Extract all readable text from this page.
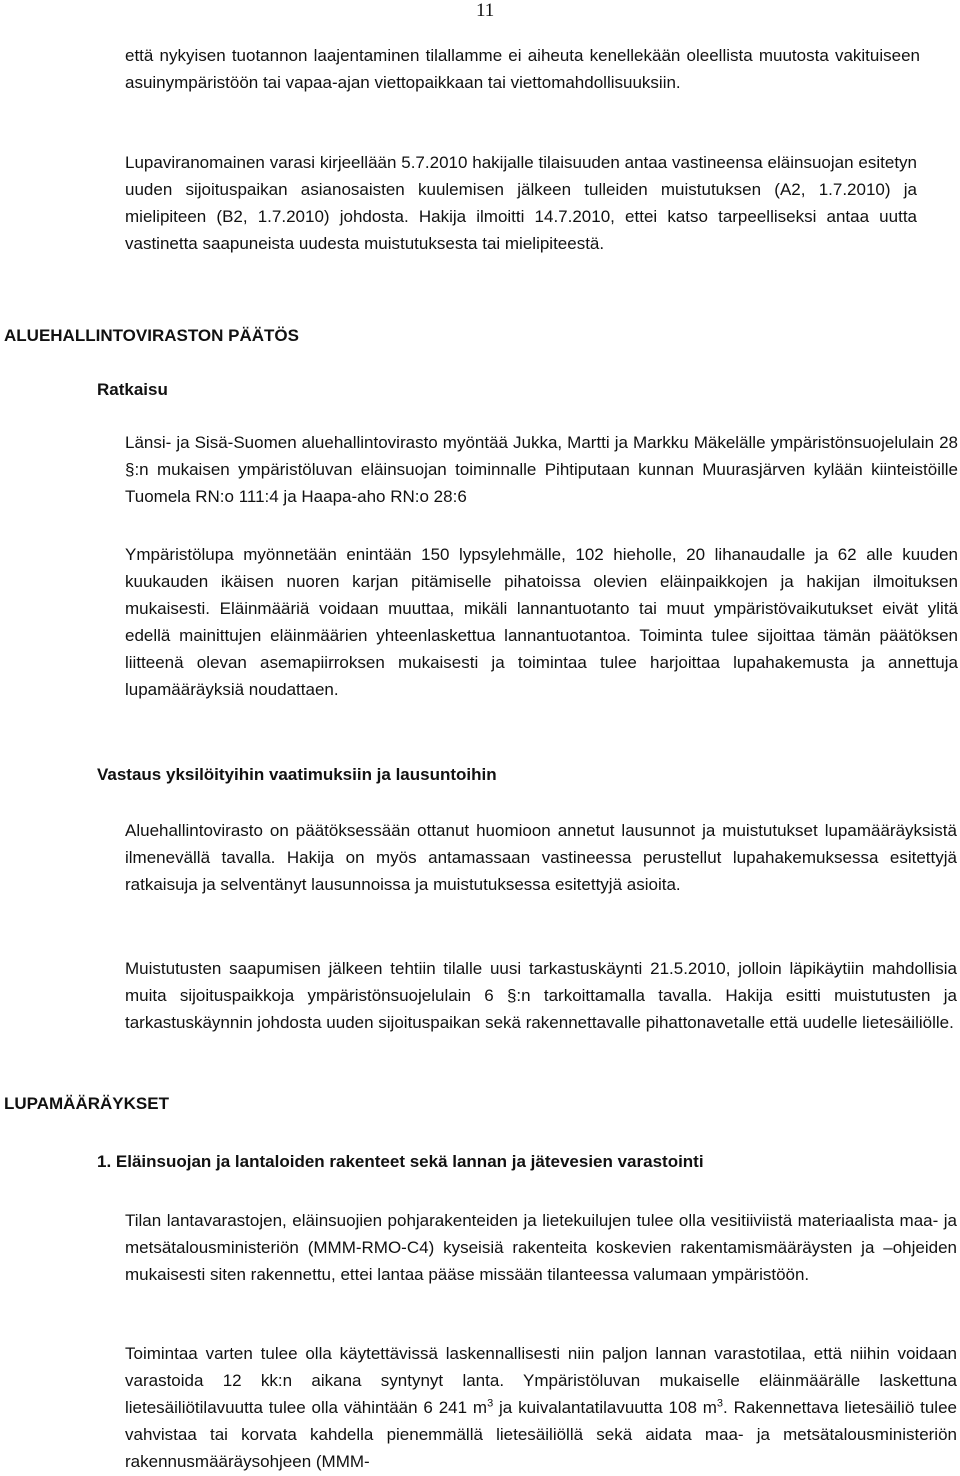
11

että nykyisen tuotannon laajentaminen tilallamme ei aiheuta kenellekään oleellista muutosta vakituiseen asuinympäristöön tai vapaa-ajan viettopaikkaan tai viettomahdollisuuksiin.

Lupaviranomainen varasi kirjeellään 5.7.2010 hakijalle tilaisuuden antaa vastineensa eläinsuojan esitetyn uuden sijoituspaikan asianosaisten kuulemisen jälkeen tulleiden muistutuksen (A2, 1.7.2010) ja mielipiteen (B2, 1.7.2010) johdosta. Hakija ilmoitti 14.7.2010, ettei katso tarpeelliseksi antaa uutta vastinetta saapuneista uudesta muistutuksesta tai mielipiteestä.

ALUEHALLINTOVIRASTON PÄÄTÖS
Ratkaisu

Länsi- ja Sisä-Suomen aluehallintovirasto myöntää Jukka, Martti ja Markku Mäkelälle ympäristönsuojelulain 28 §:n mukaisen ympäristöluvan eläinsuojan toiminnalle Pihtiputaan kunnan Muurasjärven kylään kiinteistöille Tuomela RN:o 111:4 ja Haapa-aho RN:o 28:6

Ympäristölupa myönnetään enintään 150 lypsylehmälle, 102 hieholle, 20 lihanaudalle ja 62 alle kuuden kuukauden ikäisen nuoren karjan pitämiselle pihatoissa olevien eläinpaikkojen ja hakijan ilmoituksen mukaisesti. Eläinmääriä voidaan muuttaa, mikäli lannantuotanto tai muut ympäristövaikutukset eivät ylitä edellä mainittujen eläinmäärien yhteenlaskettua lannantuotantoa. Toiminta tulee sijoittaa tämän päätöksen liitteenä olevan asemapiirroksen mukaisesti ja toimintaa tulee harjoittaa lupahakemusta ja annettuja lupamääräyksiä noudattaen.

Vastaus yksilöityihin vaatimuksiin ja lausuntoihin

Aluehallintovirasto on päätöksessään ottanut huomioon annetut lausunnot ja muistutukset lupamääräyksistä ilmenevällä tavalla. Hakija on myös antamassaan vastineessa perustellut lupahakemuksessa esitettyjä ratkaisuja ja selventänyt lausunnoissa ja muistutuksessa esitettyjä asioita.

Muistutusten saapumisen jälkeen tehtiin tilalle uusi tarkastuskäynti 21.5.2010, jolloin läpikäytiin mahdollisia muita sijoituspaikkoja ympäristönsuojelulain 6 §:n tarkoittamalla tavalla. Hakija esitti muistutusten ja tarkastuskäynnin johdosta uuden sijoituspaikan sekä rakennettavalle pihattonavetalle että uudelle lietesäiliölle.

LUPAMÄÄRÄYKSET
1. Eläinsuojan ja lantaloiden rakenteet sekä lannan ja jätevesien varastointi

Tilan lantavarastojen, eläinsuojien pohjarakenteiden ja lietekuilujen tulee olla vesitiiviistä materiaalista maa- ja metsätalousministeriön (MMM-RMO-C4) kyseisiä rakenteita koskevien rakentamismääräysten ja –ohjeiden mukaisesti siten rakennettu, ettei lantaa pääse missään tilanteessa valumaan ympäristöön.

Toimintaa varten tulee olla käytettävissä laskennallisesti niin paljon lannan varastotilaa, että niihin voidaan varastoida 12 kk:n aikana syntynyt lanta. Ympäristöluvan mukaiselle eläinmäärälle laskettuna lietesäiliötilavuutta tulee olla vähintään 6 241 $m^3$ ja kuivalantatilavuutta 108 $m^3$. Rakennettava lietesäiliö tulee vahvistaa tai korvata kahdella pienemmällä lietesäiliöllä sekä aidata maa- ja metsätalousministeriön rakennusmääräysohjeen (MMM-
